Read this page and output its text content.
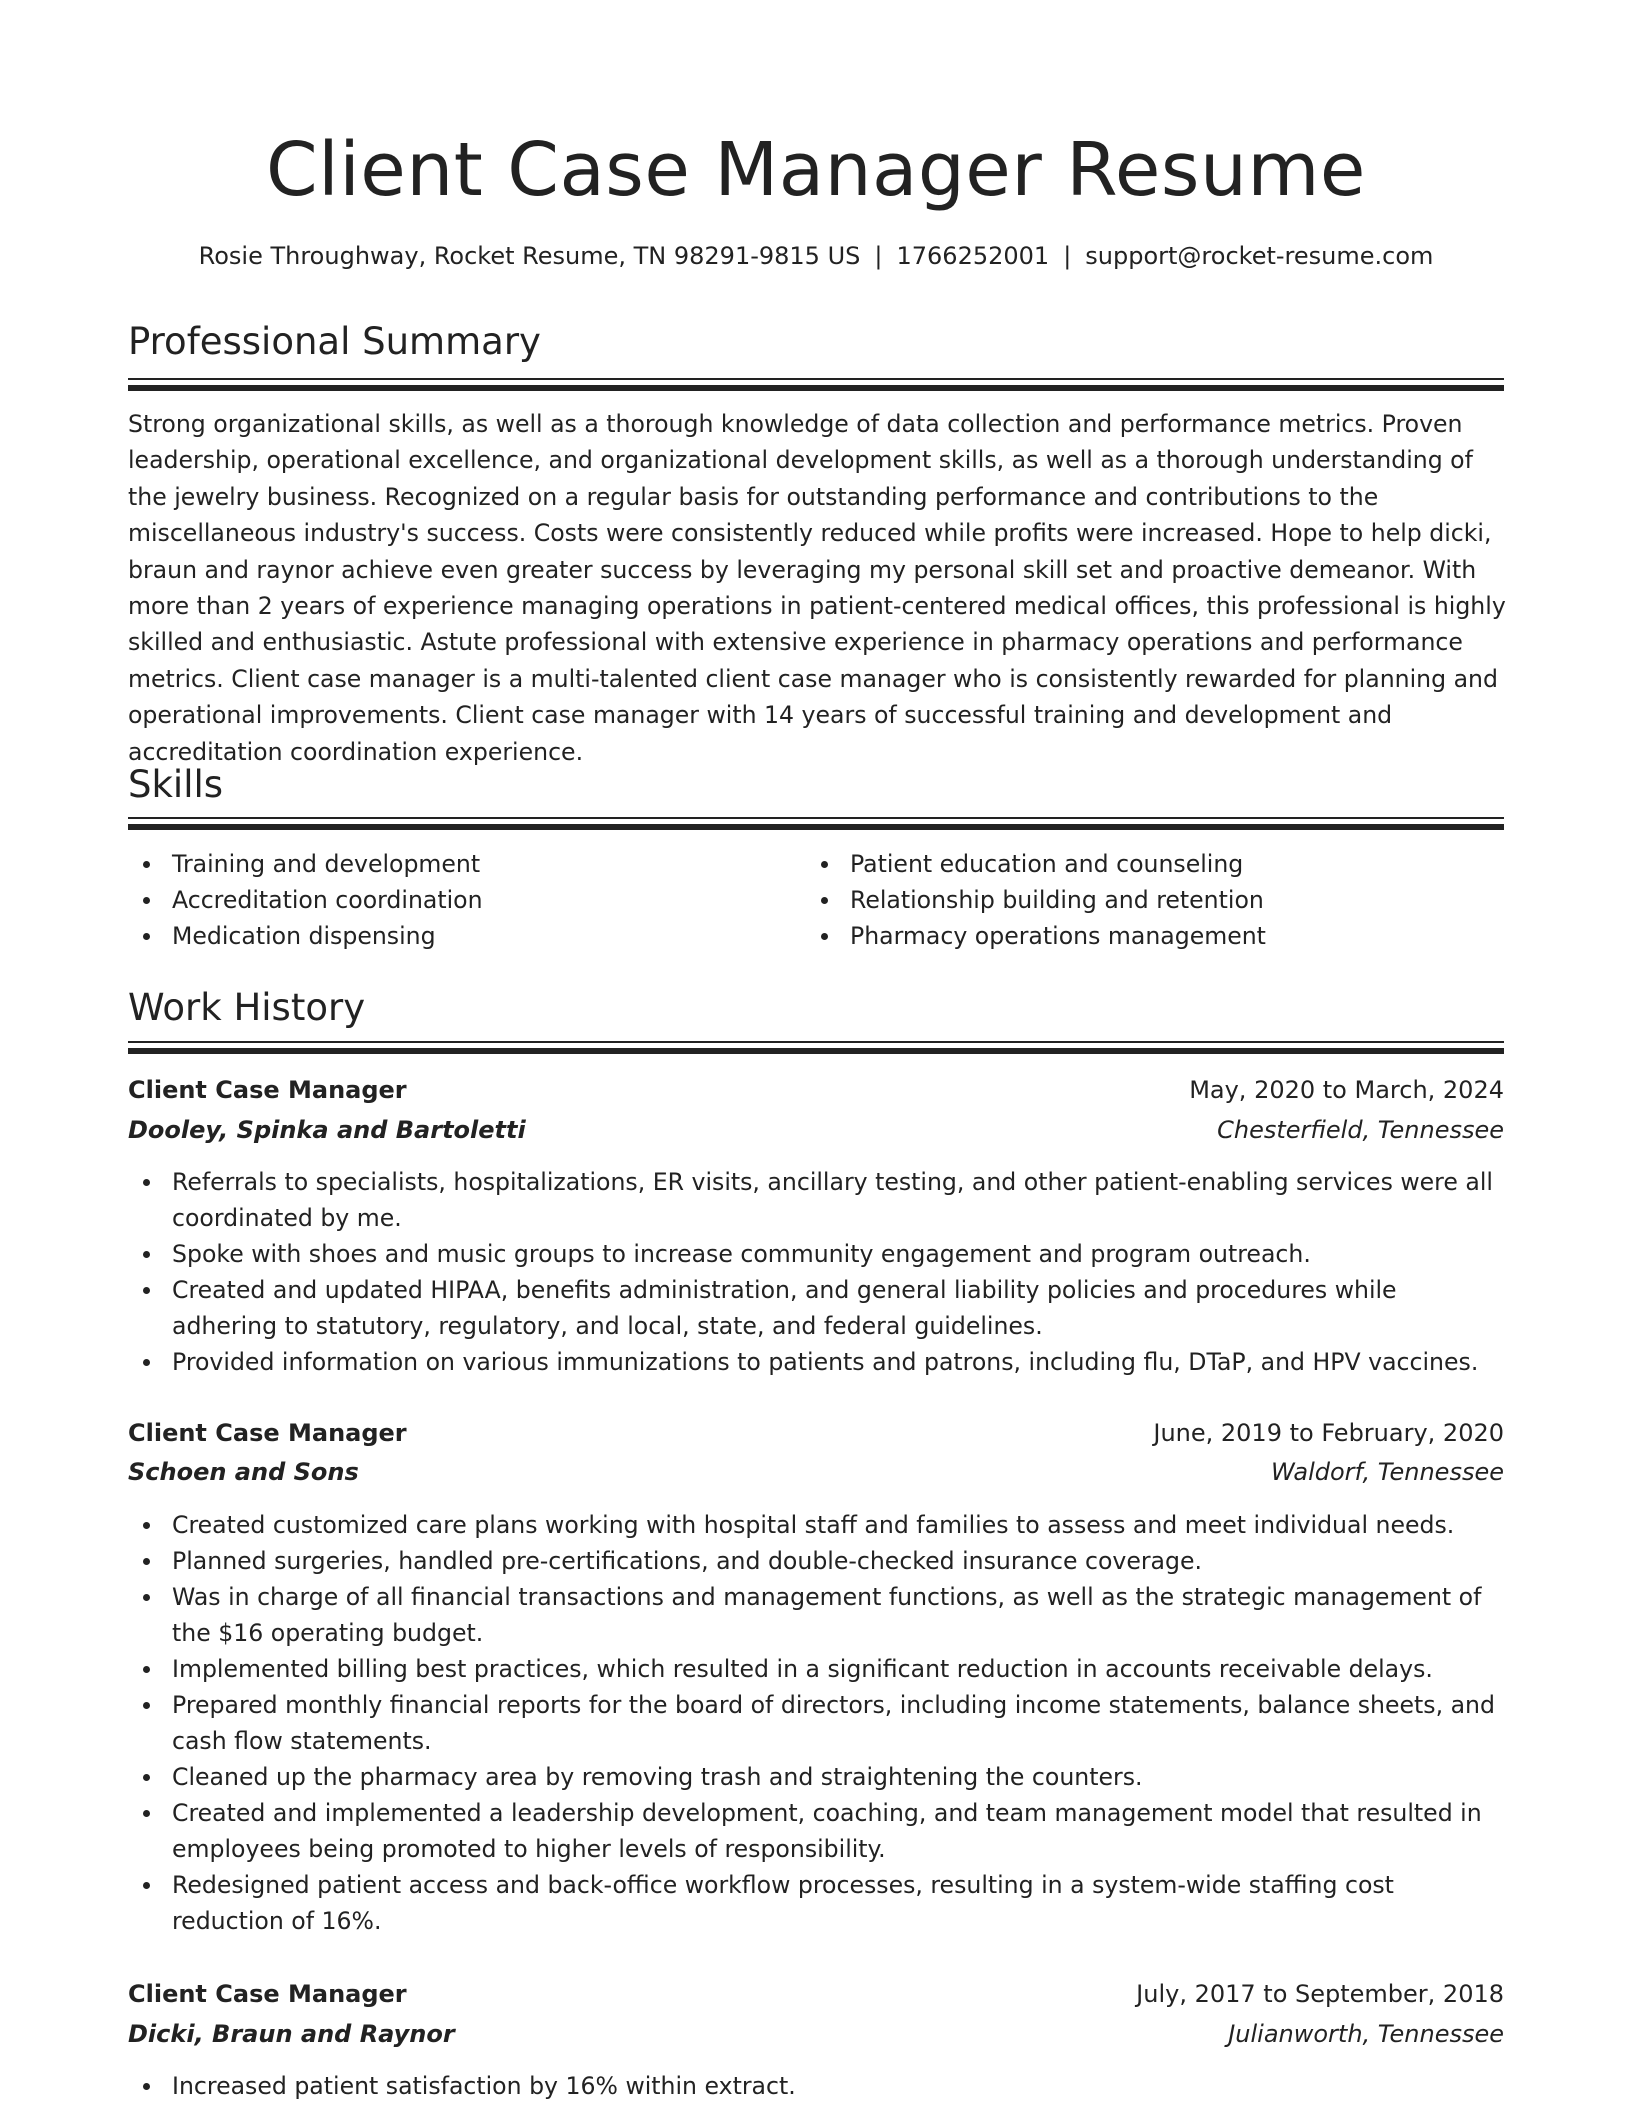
Client Case Manager Resume
Rosie Throughway, Rocket Resume, TN 98291-9815 US | 1766252001 | support@rocket-resume.com
Professional Summary

Strong organizational skills, as well as a thorough knowledge of data collection and performance metrics. Proven leadership, operational excellence, and organizational development skills, as well as a thorough understanding of the jewelry business. Recognized on a regular basis for outstanding performance and contributions to the miscellaneous industry's success. Costs were consistently reduced while profits were increased. Hope to help dicki, braun and raynor achieve even greater success by leveraging my personal skill set and proactive demeanor. With more than 2 years of experience managing operations in patient-centered medical offices, this professional is highly skilled and enthusiastic. Astute professional with extensive experience in pharmacy operations and performance metrics. Client case manager is a multi-talented client case manager who is consistently rewarded for planning and operational improvements. Client case manager with 14 years of successful training and development and accreditation coordination experience.

Skills
Training and development
Accreditation coordination
Medication dispensing
Patient education and counseling
Relationship building and retention
Pharmacy operations management
Work History
Client Case Manager	May, 2020 to March, 2024
Dooley, Spinka and Bartoletti	Chesterfield, Tennessee
Referrals to specialists, hospitalizations, ER visits, ancillary testing, and other patient-enabling services were all coordinated by me.
Spoke with shoes and music groups to increase community engagement and program outreach.
Created and updated HIPAA, benefits administration, and general liability policies and procedures while adhering to statutory, regulatory, and local, state, and federal guidelines.
Provided information on various immunizations to patients and patrons, including flu, DTaP, and HPV vaccines.
Client Case Manager	June, 2019 to February, 2020
Schoen and Sons	Waldorf, Tennessee
Created customized care plans working with hospital staff and families to assess and meet individual needs.
Planned surgeries, handled pre-certifications, and double-checked insurance coverage.
Was in charge of all financial transactions and management functions, as well as the strategic management of the $16 operating budget.
Implemented billing best practices, which resulted in a significant reduction in accounts receivable delays.
Prepared monthly financial reports for the board of directors, including income statements, balance sheets, and cash flow statements.
Cleaned up the pharmacy area by removing trash and straightening the counters.
Created and implemented a leadership development, coaching, and team management model that resulted in employees being promoted to higher levels of responsibility.
Redesigned patient access and back-office workflow processes, resulting in a system-wide staffing cost reduction of 16%.
Client Case Manager	July, 2017 to September, 2018
Dicki, Braun and Raynor	Julianworth, Tennessee
Increased patient satisfaction by 16% within extract.
